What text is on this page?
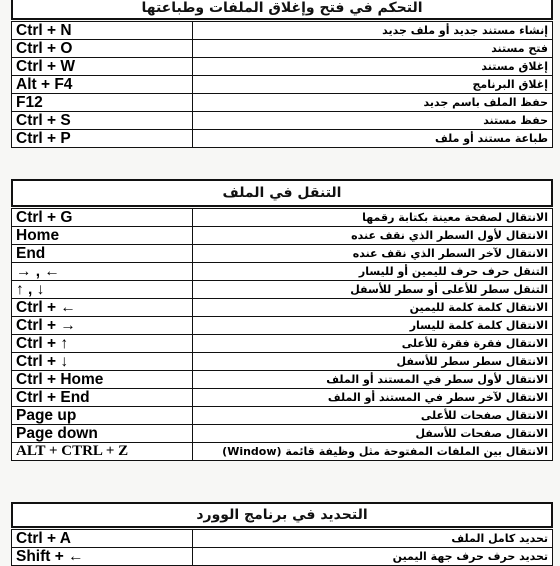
التحكم في فتح وإغلاق الملفات وطباعتها
Ctrl + N	إنشاء مستند جديد أو ملف جديد
Ctrl + O	فتح مستند
Ctrl + W	إغلاق مستند
Alt + F4	إغلاق البرنامج
F12	حفظ الملف باسم جديد
Ctrl + S	حفظ مستند
Ctrl + P	طباعة مستند أو ملف
التنقل في الملف
Ctrl + G	الانتقال لصفحة معينة بكتابة رقمها
Home	الانتقال لأول السطر الذي نقف عنده
End	الانتقال لآخر السطر الذي نقف عنده
→ , ←	التنقل حرف حرف لليمين أو لليسار
↑ , ↓	التنقل سطر للأعلى أو سطر للأسفل
Ctrl + ←	الانتقال كلمة كلمة لليمين
Ctrl + →	الانتقال كلمة كلمة لليسار
Ctrl + ↑	الانتقال فقرة فقرة للأعلى
Ctrl + ↓	الانتقال سطر سطر للأسفل
Ctrl + Home	الانتقال لأول سطر في المستند أو الملف
Ctrl + End	الانتقال لآخر سطر في المستند أو الملف
Page up	الانتقال صفحات للأعلى
Page down	الانتقال صفحات للأسفل
ALT + CTRL + Z	الانتقال بين الملفات المفتوحة مثل وظيفة قائمة (Window)
التحديد في برنامج الوورد
Ctrl + A	تحديد كامل الملف
Shift + ←	تحديد حرف حرف جهة اليمين
